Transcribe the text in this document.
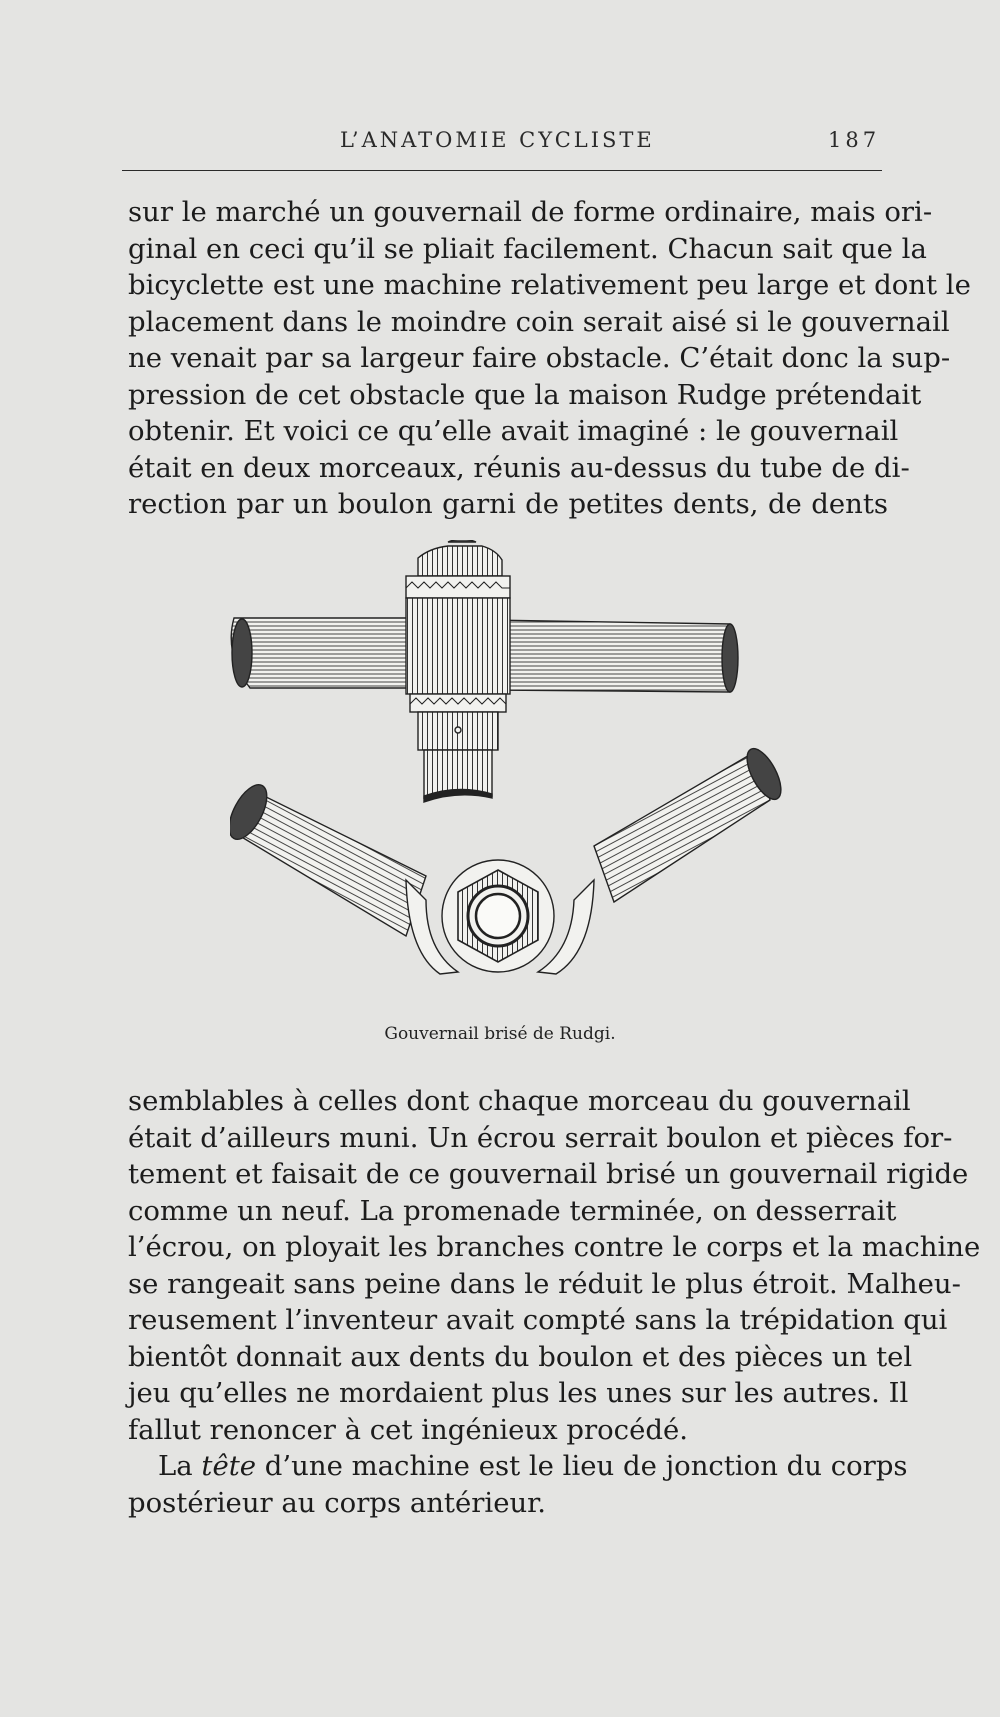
L’ANATOMIE CYCLISTE	187
sur le marché un gouvernail de forme ordinaire, mais ori-
ginal en ceci qu’il se pliait facilement. Chacun sait que la
bicyclette est une machine relativement peu large et dont le
placement dans le moindre coin serait aisé si le gouvernail
ne venait par sa largeur faire obstacle. C’était donc la sup-
pression de cet obstacle que la maison Rudge prétendait
obtenir. Et voici ce qu’elle avait imaginé : le gouvernail
était en deux morceaux, réunis au-dessus du tube de di-
rection par un boulon garni de petites dents, de dents
Gouvernail brisé de Rudgi.
semblables à celles dont chaque morceau du gouvernail
était d’ailleurs muni. Un écrou serrait boulon et pièces for-
tement et faisait de ce gouvernail brisé un gouvernail rigide
comme un neuf. La promenade terminée, on desserrait
l’écrou, on ployait les branches contre le corps et la machine
se rangeait sans peine dans le réduit le plus étroit. Malheu-
reusement l’inventeur avait compté sans la trépidation qui
bientôt donnait aux dents du boulon et des pièces un tel
jeu qu’elles ne mordaient plus les unes sur les autres. Il
fallut renoncer à cet ingénieux procédé.
La tête d’une machine est le lieu de jonction du corps
postérieur au corps antérieur.
